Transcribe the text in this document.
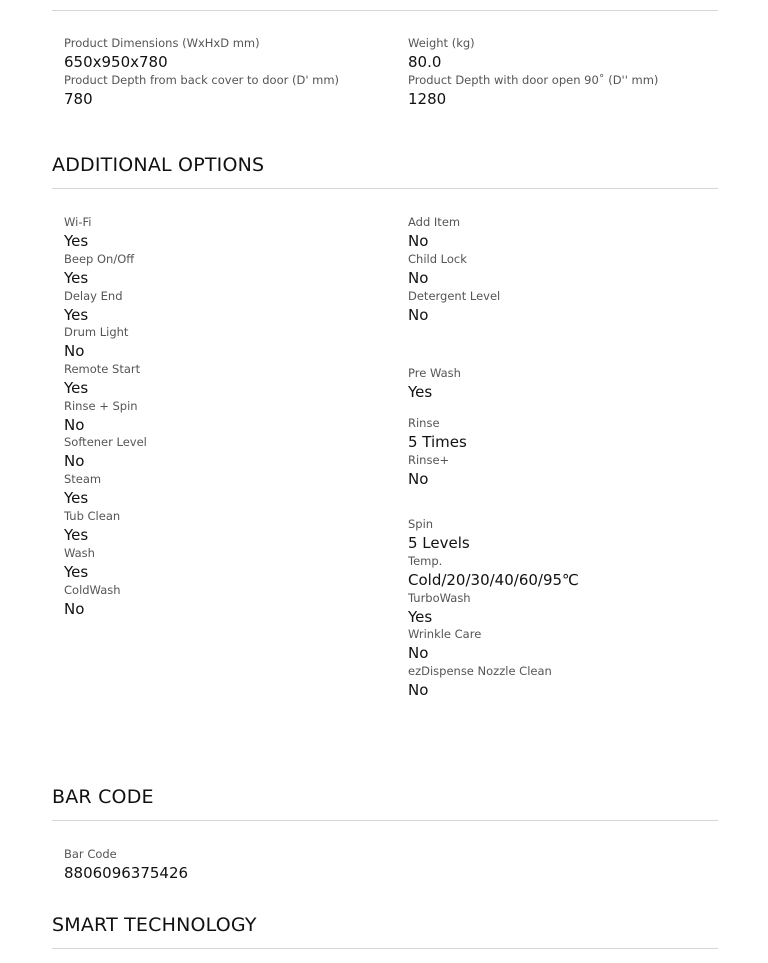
Product Dimensions (WxHxD mm)
650x950x780
Product Depth from back cover to door (D' mm)
780
Weight (kg)
80.0
Product Depth with door open 90˚ (D'' mm)
1280
ADDITIONAL OPTIONS
Wi-Fi
Yes
Beep On/Off
Yes
Delay End
Yes
Drum Light
No
Remote Start
Yes
Rinse + Spin
No
Softener Level
No
Steam
Yes
Tub Clean
Yes
Wash
Yes
ColdWash
No
Add Item
No
Child Lock
No
Detergent Level
No
Pre Wash
Yes
Rinse
5 Times
Rinse+
No
Spin
5 Levels
Temp.
Cold/20/30/40/60/95℃
TurboWash
Yes
Wrinkle Care
No
ezDispense Nozzle Clean
No
BAR CODE
Bar Code
8806096375426
SMART TECHNOLOGY
